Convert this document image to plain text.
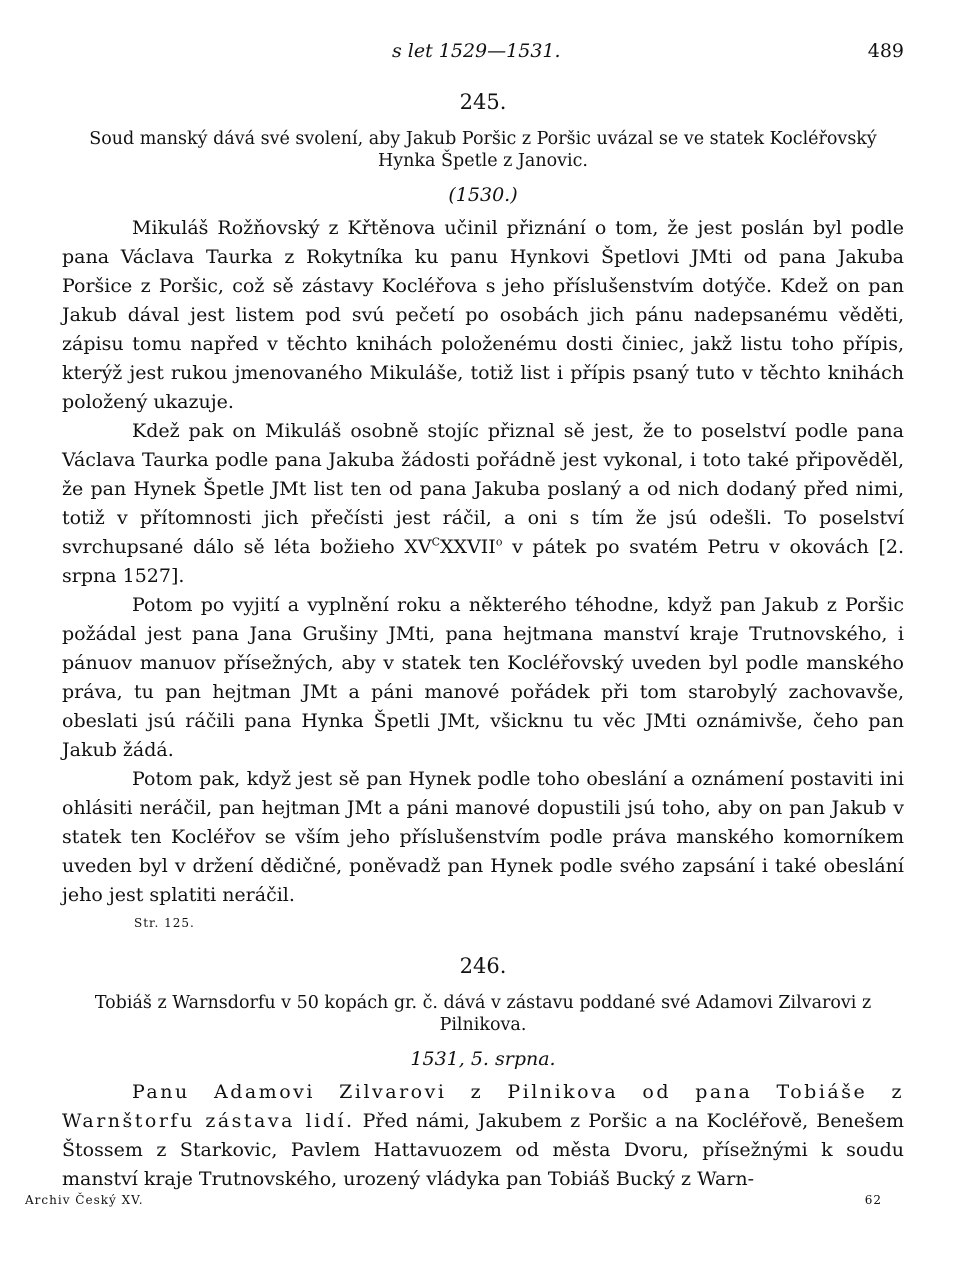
s let 1529—1531.	489
245.
Soud manský dává své svolení, aby Jakub Poršic z Poršic uvázal se ve statek Kocléřovský Hynka Špetle z Janovic.
(1530.)

Mikuláš Rožňovský z Křtěnova učinil přiznání o tom, že jest poslán byl podle pana Václava Taurka z Rokytníka ku panu Hynkovi Špetlovi JMti od pana Jakuba Poršice z Poršic, což sě zástavy Kocléřova s jeho příslušenstvím dotýče. Kdež on pan Jakub dával jest listem pod svú pečetí po osobách jich pánu nadepsanému věděti, zápisu tomu napřed v těchto knihách položenému dosti činiec, jakž listu toho přípis, kterýž jest rukou jmenovaného Mikuláše, totiž list i přípis psaný tuto v těchto knihách položený ukazuje.

Kdež pak on Mikuláš osobně stojíc přiznal sě jest, že to poselství podle pana Václava Taurka podle pana Jakuba žádosti pořádně jest vykonal, i toto také připověděl, že pan Hynek Špetle JMt list ten od pana Jakuba poslaný a od nich dodaný před nimi, totiž v přítomnosti jich přečísti jest ráčil, a oni s tím že jsú odešli. To poselství svrchupsané dálo sě léta božieho $XV^CXXVII^o$ v pátek po svatém Petru v okovách [2. srpna 1527].

Potom po vyjití a vyplnění roku a některého téhodne, když pan Jakub z Poršic požádal jest pana Jana Grušiny JMti, pana hejtmana manství kraje Trutnovského, i pánuov manuov přísežných, aby v statek ten Kocléřovský uveden byl podle manského práva, tu pan hejtman JMt a páni manové pořádek při tom starobylý zachovavše, obeslati jsú ráčili pana Hynka Špetli JMt, všicknu tu věc JMti oznámivše, čeho pan Jakub žádá.

Potom pak, když jest sě pan Hynek podle toho obeslání a oznámení postaviti ini ohlásiti neráčil, pan hejtman JMt a páni manové dopustili jsú toho, aby on pan Jakub v statek ten Kocléřov se vším jeho příslušenstvím podle práva manského komorníkem uveden byl v držení dědičné, poněvadž pan Hynek podle svého zapsání i také obeslání jeho jest splatiti neráčil.

Str. 125.
246.
Tobiáš z Warnsdorfu v 50 kopách gr. č. dává v zástavu poddané své Adamovi Zilvarovi z Pilnikova.
1531, 5. srpna.

Panu Adamovi Zilvarovi z Pilnikova od pana Tobiáše z Warnštorfu zástava lidí. Před námi, Jakubem z Poršic a na Kocléřově, Benešem Štossem z Starkovic, Pavlem Hattavuozem od města Dvoru, přísežnými k soudu manství kraje Trutnovského, urozený vládyka pan Tobiáš Bucký z Warn-

Archiv Český XV.	62
